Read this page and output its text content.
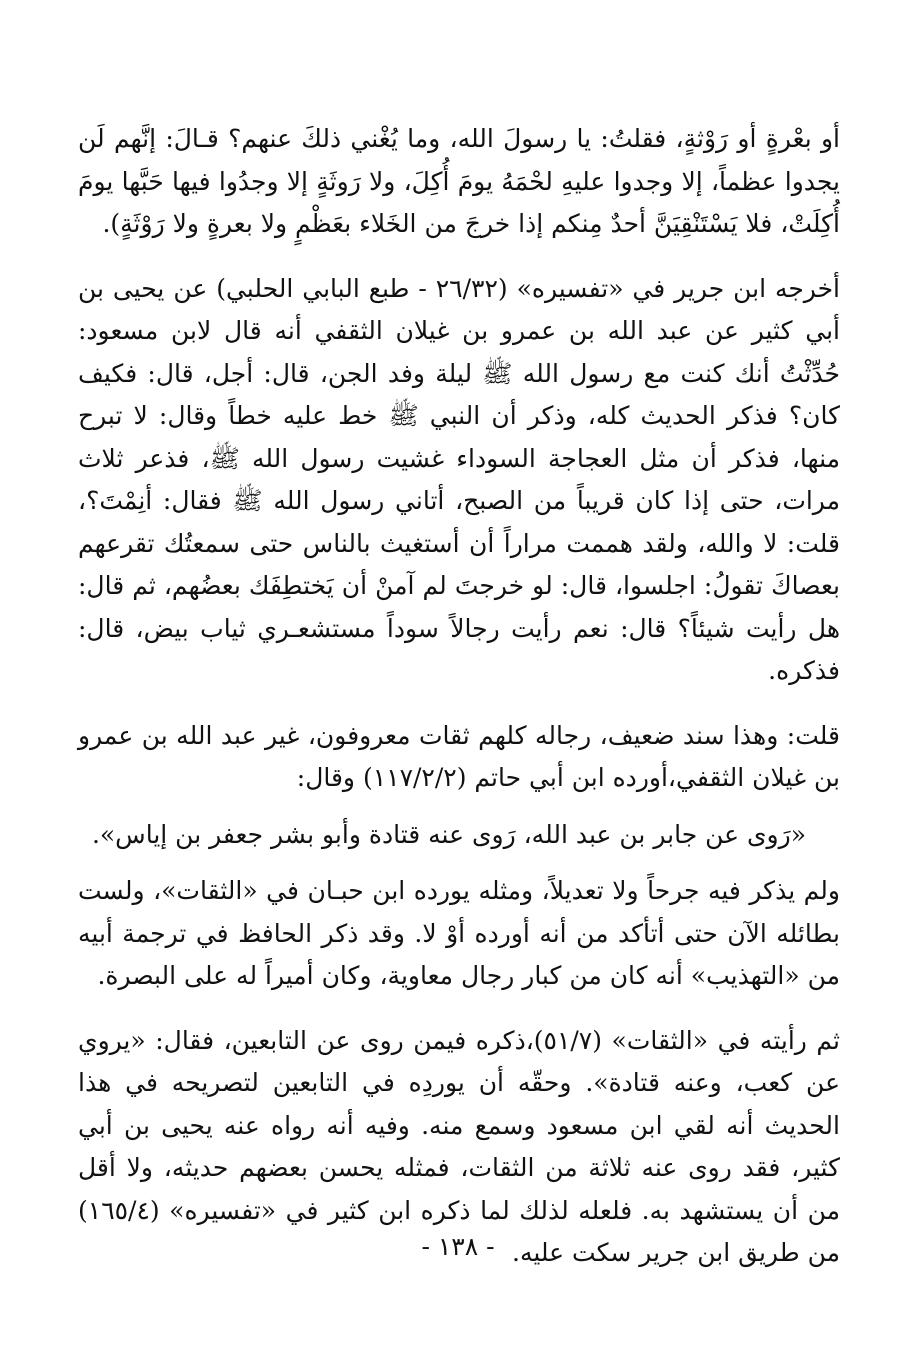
أو بعْرةٍ أو رَوْثةٍ، فقلتُ: يا رسولَ الله، وما يُغْني ذلكَ عنهم؟ قـالَ: إنَّهم لَن يجدوا عظماً، إلا وجدوا عليهِ لحْمَهُ يومَ أُكِلَ، ولا رَوثَةٍ إلا وجدُوا فيها حَبَّها يومَ أُكِلَتْ، فلا يَسْتَنْقِيَنَّ أحدٌ مِنكم إذا خرجَ من الخَلاء بعَظْمٍ ولا بعرةٍ ولا رَوْثَةٍ).

أخرجه ابن جرير في «تفسيره» (٢٦/٣٢ - طبع البابي الحلبي) عن يحيى بن أبي كثير عن عبد الله بن عمرو بن غيلان الثقفي أنه قال لابن مسعود: حُدِّثْتُ أنك كنت مع رسول الله ﷺ ليلة وفد الجن، قال: أجل، قال: فكيف كان؟ فذكر الحديث كله، وذكر أن النبي ﷺ خط عليه خطاً وقال: لا تبرح منها، فذكر أن مثل العجاجة السوداء غشيت رسول الله ﷺ، فذعر ثلاث مرات، حتى إذا كان قريباً من الصبح، أتاني رسول الله ﷺ فقال: أنِمْتَ؟، قلت: لا والله، ولقد هممت مراراً أن أستغيث بالناس حتى سمعتُك تقرعهم بعصاكَ تقولُ: اجلسوا، قال: لو خرجتَ لم آمنْ أن يَختطِفَك بعضُهم، ثم قال: هل رأيت شيئاً؟ قال: نعم رأيت رجالاً سوداً مستشعـري ثياب بيض، قال: فذكره.

قلت: وهذا سند ضعيف، رجاله كلهم ثقات معروفون، غير عبد الله بن عمرو بن غيلان الثقفي،أورده ابن أبي حاتم (١١٧/٢/٢) وقال:

«رَوى عن جابر بن عبد الله، رَوى عنه قتادة وأبو بشر جعفر بن إياس».

ولم يذكر فيه جرحاً ولا تعديلاً، ومثله يورده ابن حبـان في «الثقات»، ولست بطائله الآن حتى أتأكد من أنه أورده أوْ لا. وقد ذكر الحافظ في ترجمة أبيه من «التهذيب» أنه كان من كبار رجال معاوية، وكان أميراً له على البصرة.

ثم رأيته في «الثقات» (٥١/٧)،ذكره فيمن روى عن التابعين، فقال: «يروي عن كعب، وعنه قتادة». وحقّه أن يوردِه في التابعين لتصريحه في هذا الحديث أنه لقي ابن مسعود وسمع منه. وفيه أنه رواه عنه يحيى بن أبي كثير، فقد روى عنه ثلاثة من الثقات، فمثله يحسن بعضهم حديثه، ولا أقل من أن يستشهد به. فلعله لذلك لما ذكره ابن كثير في «تفسيره» (١٦٥/٤) من طريق ابن جرير سكت عليه.

- ١٣٨ -
